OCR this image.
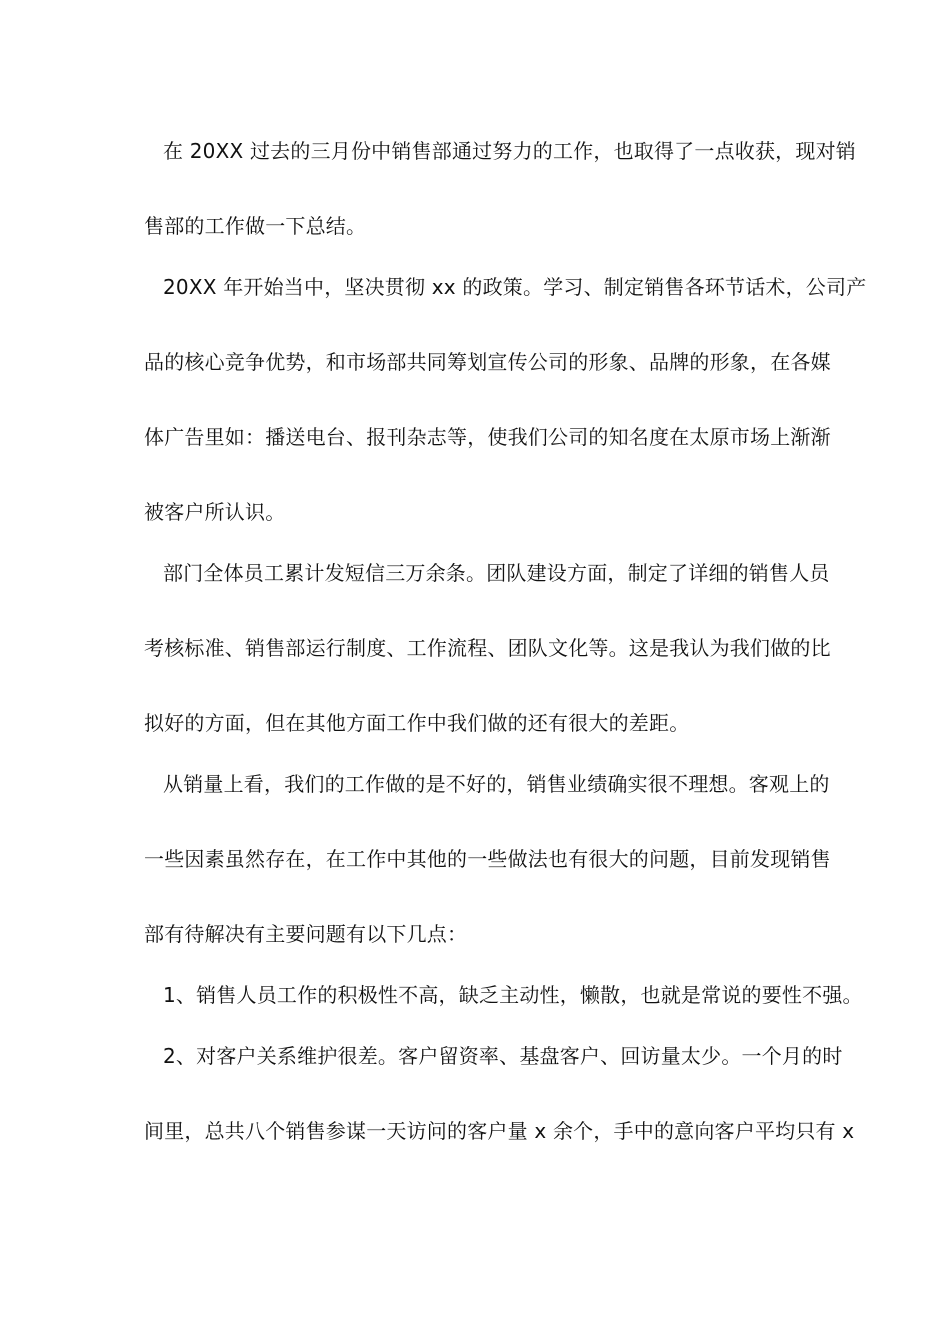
在 20XX 过去的三月份中销售部通过努力的工作，也取得了一点收获，现对销
售部的工作做一下总结。
20XX 年开始当中，坚决贯彻 xx 的政策。学习、制定销售各环节话术，公司产
品的核心竞争优势，和市场部共同筹划宣传公司的形象、品牌的形象，在各媒
体广告里如：播送电台、报刊杂志等，使我们公司的知名度在太原市场上渐渐
被客户所认识。
部门全体员工累计发短信三万余条。团队建设方面，制定了详细的销售人员
考核标准、销售部运行制度、工作流程、团队文化等。这是我认为我们做的比
拟好的方面，但在其他方面工作中我们做的还有很大的差距。
从销量上看，我们的工作做的是不好的，销售业绩确实很不理想。客观上的
一些因素虽然存在，在工作中其他的一些做法也有很大的问题，目前发现销售
部有待解决有主要问题有以下几点：
1、销售人员工作的积极性不高，缺乏主动性，懒散，也就是常说的要性不强。
2、对客户关系维护很差。客户留资率、基盘客户、回访量太少。一个月的时
间里，总共八个销售参谋一天访问的客户量 x 余个，手中的意向客户平均只有 x
